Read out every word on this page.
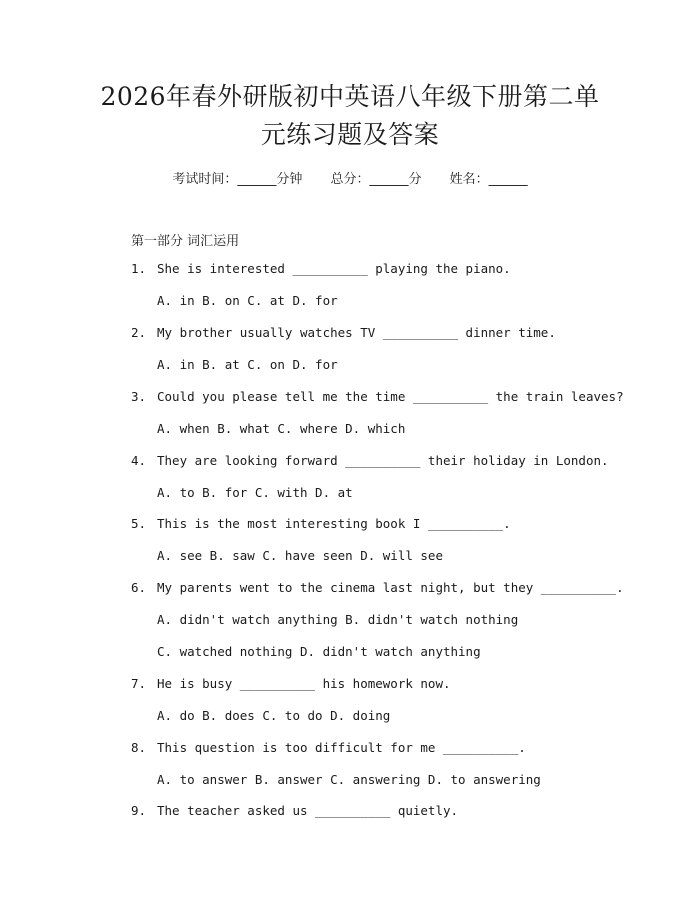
2026年春外研版初中英语八年级下册第二单
元练习题及答案
考试时间：______分钟 总分：______分 姓名：______
第一部分 词汇运用
1. She is interested __________ playing the piano.
A. in B. on C. at D. for
2. My brother usually watches TV __________ dinner time.
A. in B. at C. on D. for
3. Could you please tell me the time __________ the train leaves?
A. when B. what C. where D. which
4. They are looking forward __________ their holiday in London.
A. to B. for C. with D. at
5. This is the most interesting book I __________.
A. see B. saw C. have seen D. will see
6. My parents went to the cinema last night, but they __________.
A. didn't watch anything B. didn't watch nothing
C. watched nothing D. didn't watch anything
7. He is busy __________ his homework now.
A. do B. does C. to do D. doing
8. This question is too difficult for me __________.
A. to answer B. answer C. answering D. to answering
9. The teacher asked us __________ quietly.
